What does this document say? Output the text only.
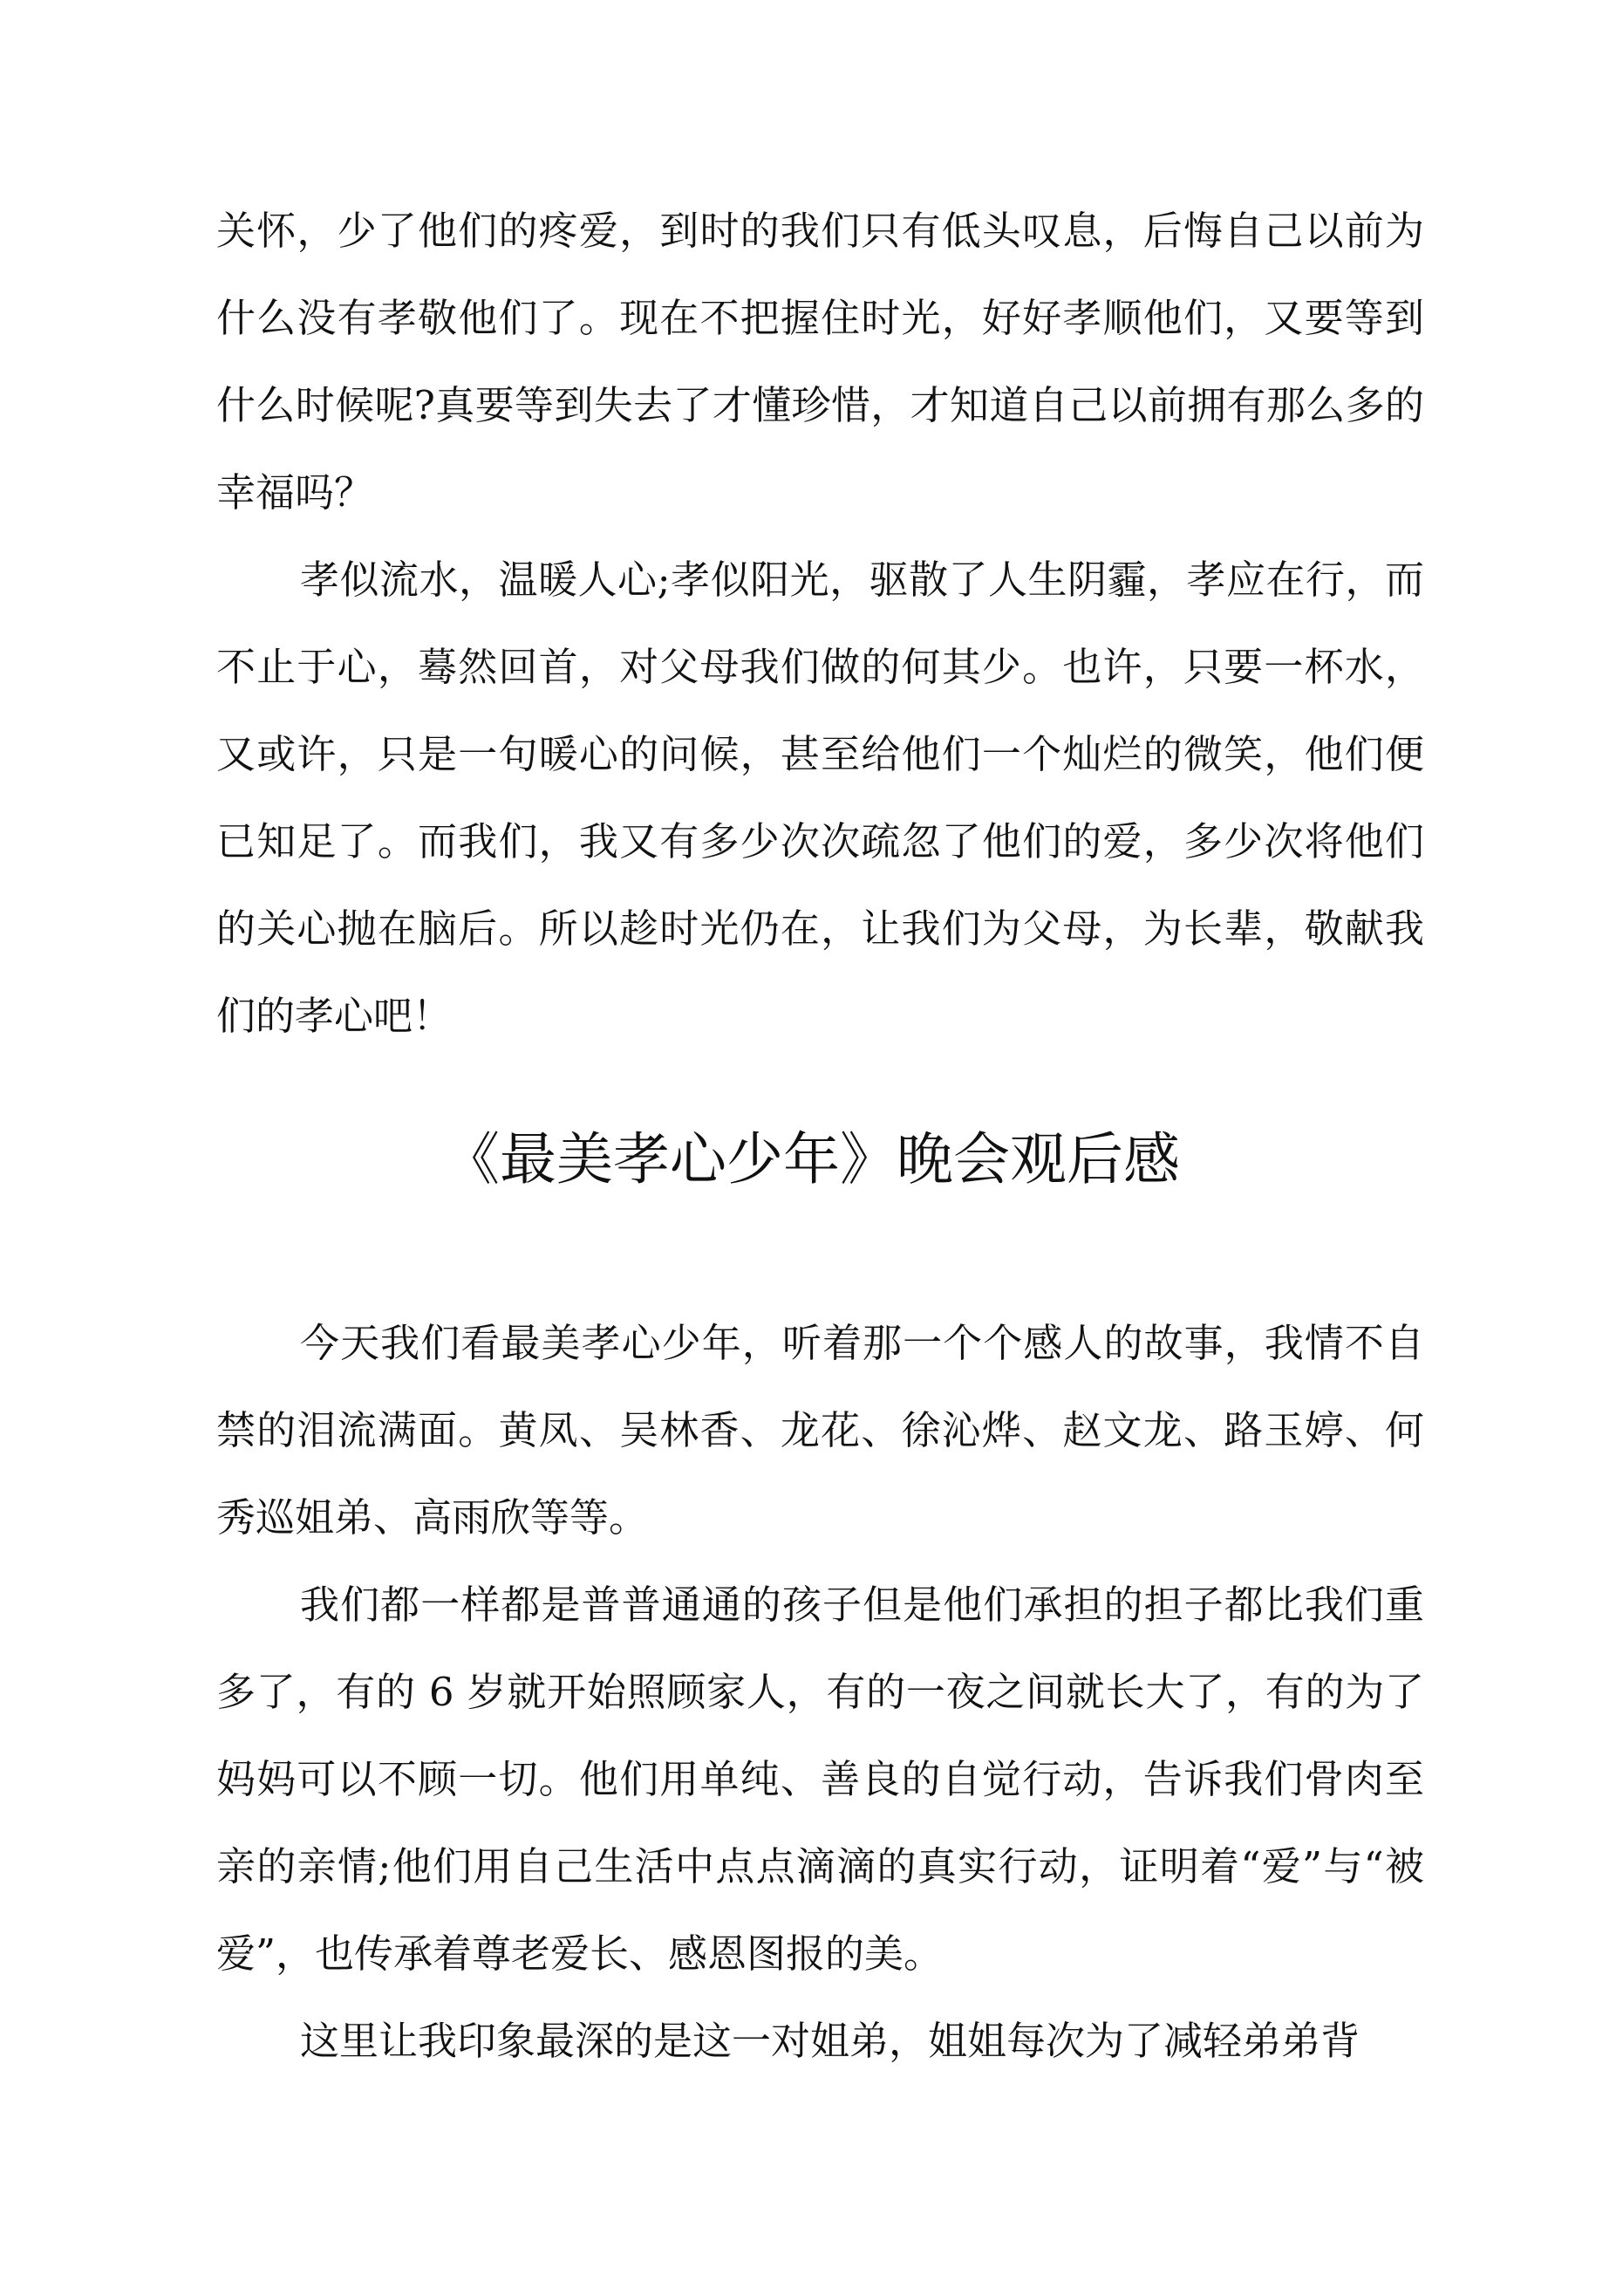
关怀，少了他们的疼爱，到时的我们只有低头叹息，后悔自己以前为什么没有孝敬他们了。现在不把握住时光，好好孝顺他们，又要等到什么时候呢?真要等到失去了才懂珍惜，才知道自己以前拥有那么多的幸福吗？

孝似流水，温暖人心;孝似阳光，驱散了人生阴霾，孝应在行，而不止于心，蓦然回首，对父母我们做的何其少。也许，只要一杯水，又或许，只是一句暖心的问候，甚至给他们一个灿烂的微笑，他们便已知足了。而我们，我又有多少次次疏忽了他们的爱，多少次将他们的关心抛在脑后。所以趁时光仍在，让我们为父母，为长辈，敬献我们的孝心吧！

《最美孝心少年》晚会观后感

今天我们看最美孝心少年，听着那一个个感人的故事，我情不自禁的泪流满面。黄凤、吴林香、龙花、徐沁烨、赵文龙、路玉婷、何秀巡姐弟、高雨欣等等。

我们都一样都是普普通通的孩子但是他们承担的担子都比我们重多了，有的 6 岁就开始照顾家人，有的一夜之间就长大了，有的为了妈妈可以不顾一切。他们用单纯、善良的自觉行动，告诉我们骨肉至亲的亲情;他们用自己生活中点点滴滴的真实行动，证明着“爱”与“被爱”，也传承着尊老爱长、感恩图报的美。

这里让我印象最深的是这一对姐弟，姐姐每次为了减轻弟弟背
